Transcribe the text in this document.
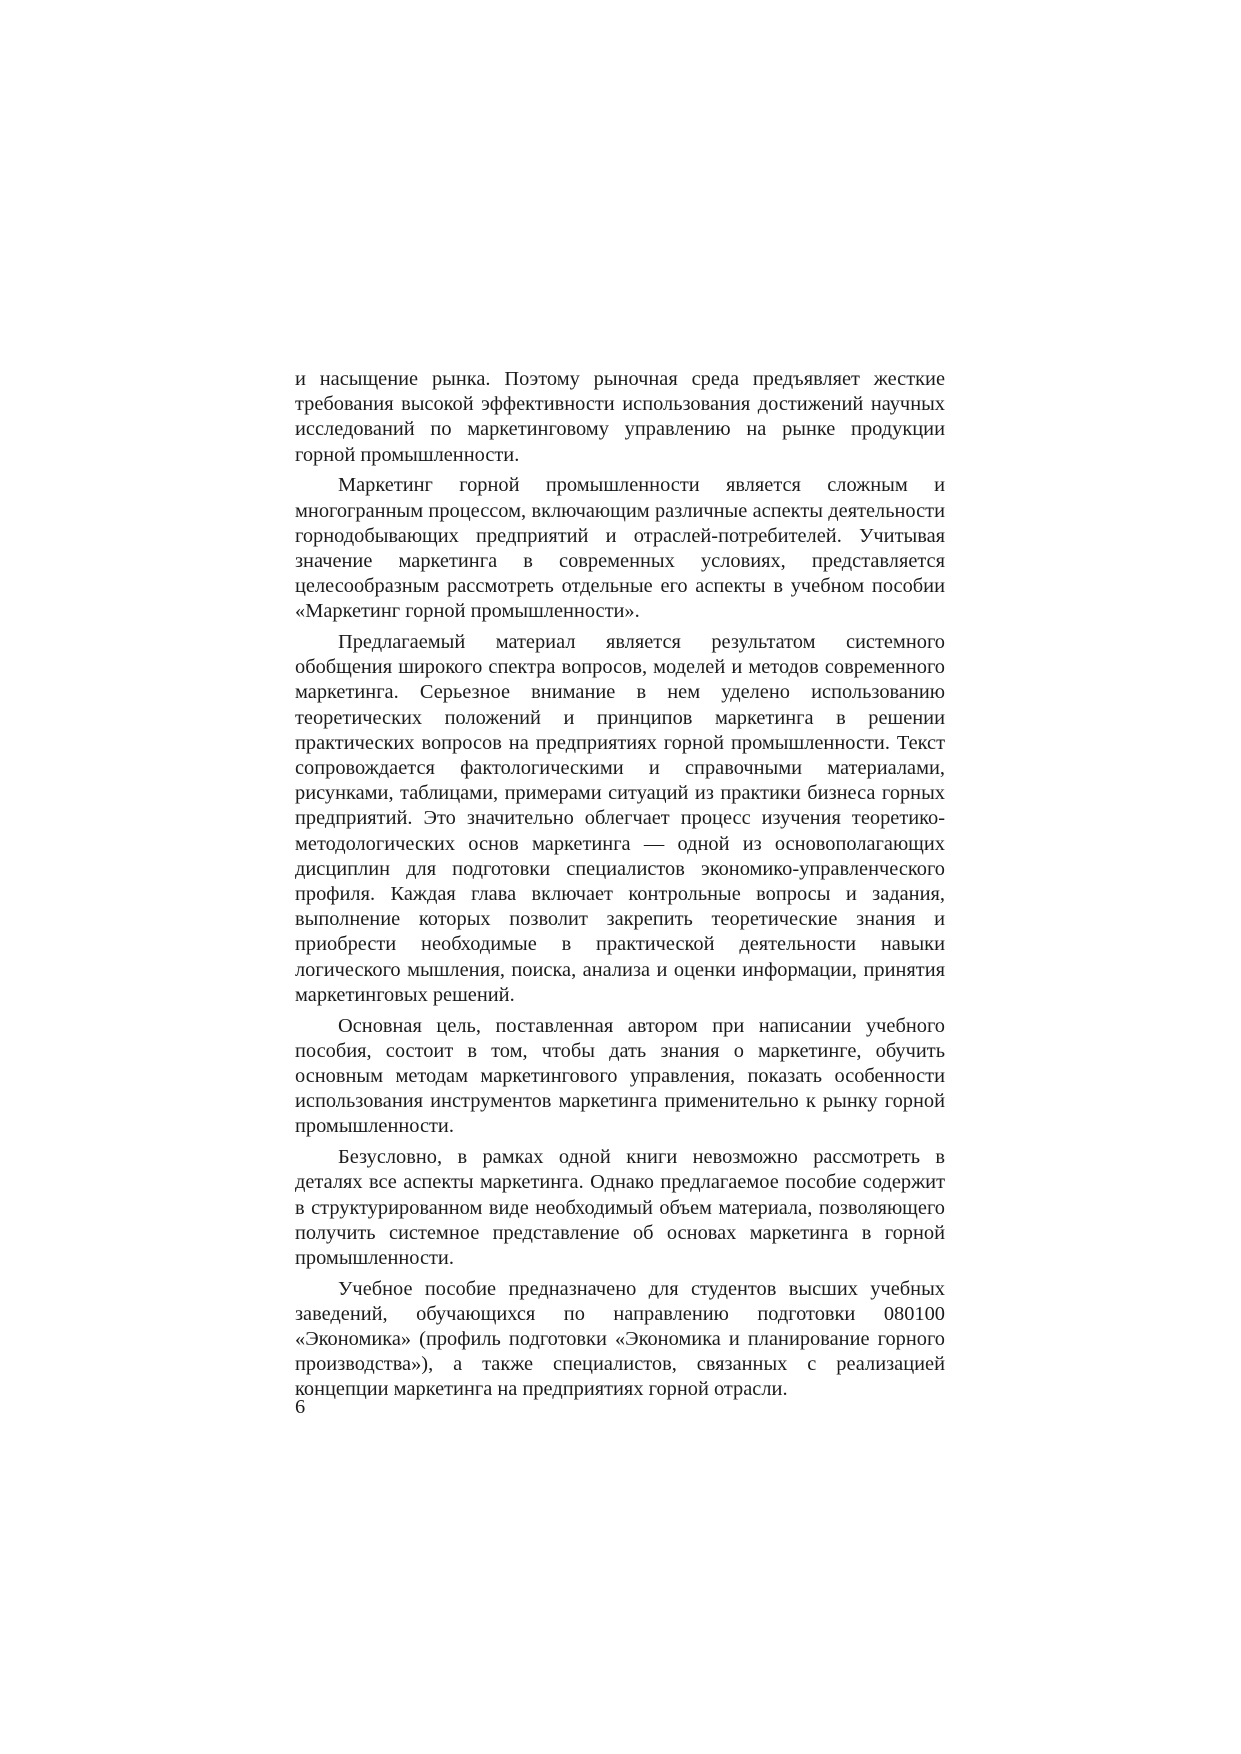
и насыщение рынка. Поэтому рыночная среда предъявляет жесткие требования высокой эффективности использования достижений научных исследований по маркетинговому управлению на рынке продукции горной промышленности.

Маркетинг горной промышленности является сложным и многогранным процессом, включающим различные аспекты деятельности горнодобывающих предприятий и отраслей-потребителей. Учитывая значение маркетинга в современных условиях, представляется целесообразным рассмотреть отдельные его аспекты в учебном пособии «Маркетинг горной промышленности».

Предлагаемый материал является результатом системного обобщения широкого спектра вопросов, моделей и методов современного маркетинга. Серьезное внимание в нем уделено использованию теоретических положений и принципов маркетинга в решении практических вопросов на предприятиях горной промышленности. Текст сопровождается фактологическими и справочными материалами, рисунками, таблицами, примерами ситуаций из практики бизнеса горных предприятий. Это значительно облегчает процесс изучения теоретико-методологических основ маркетинга — одной из основополагающих дисциплин для подготовки специалистов экономико-управленческого профиля. Каждая глава включает контрольные вопросы и задания, выполнение которых позволит закрепить теоретические знания и приобрести необходимые в практической деятельности навыки логического мышления, поиска, анализа и оценки информации, принятия маркетинговых решений.

Основная цель, поставленная автором при написании учебного пособия, состоит в том, чтобы дать знания о маркетинге, обучить основным методам маркетингового управления, показать особенности использования инструментов маркетинга применительно к рынку горной промышленности.

Безусловно, в рамках одной книги невозможно рассмотреть в деталях все аспекты маркетинга. Однако предлагаемое пособие содержит в структурированном виде необходимый объем материала, позволяющего получить системное представление об основах маркетинга в горной промышленности.

Учебное пособие предназначено для студентов высших учебных заведений, обучающихся по направлению подготовки 080100 «Экономика» (профиль подготовки «Экономика и планирование горного производства»), а также специалистов, связанных с реализацией концепции маркетинга на предприятиях горной отрасли.

6
